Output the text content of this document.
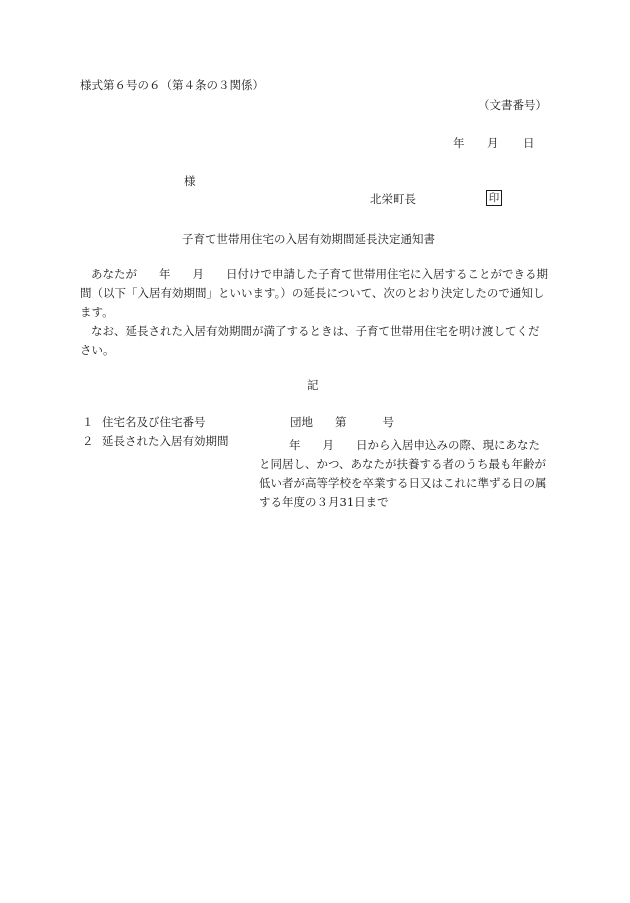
様式第６号の６（第４条の３関係）
（文書番号）
年 月 日
様
北栄町長	印
子育て世帯用住宅の入居有効期間延長決定通知書
あなたが 年 月 日付けで申請した子育て世帯用住宅に入居することができる期間（以下「入居有効期間」といいます。）の延長について、次のとおり決定したので通知します。
なお、延長された入居有効期間が満了するときは、子育て世帯用住宅を明け渡してください。
記
１ 住宅名及び住宅番号	団地 第	号
２ 延長された入居有効期間	年 月 日から入居申込みの際、現にあなたと同居し、かつ、あなたが扶養する者のうち最も年齢が低い者が高等学校を卒業する日又はこれに準ずる日の属する年度の３月31日まで
